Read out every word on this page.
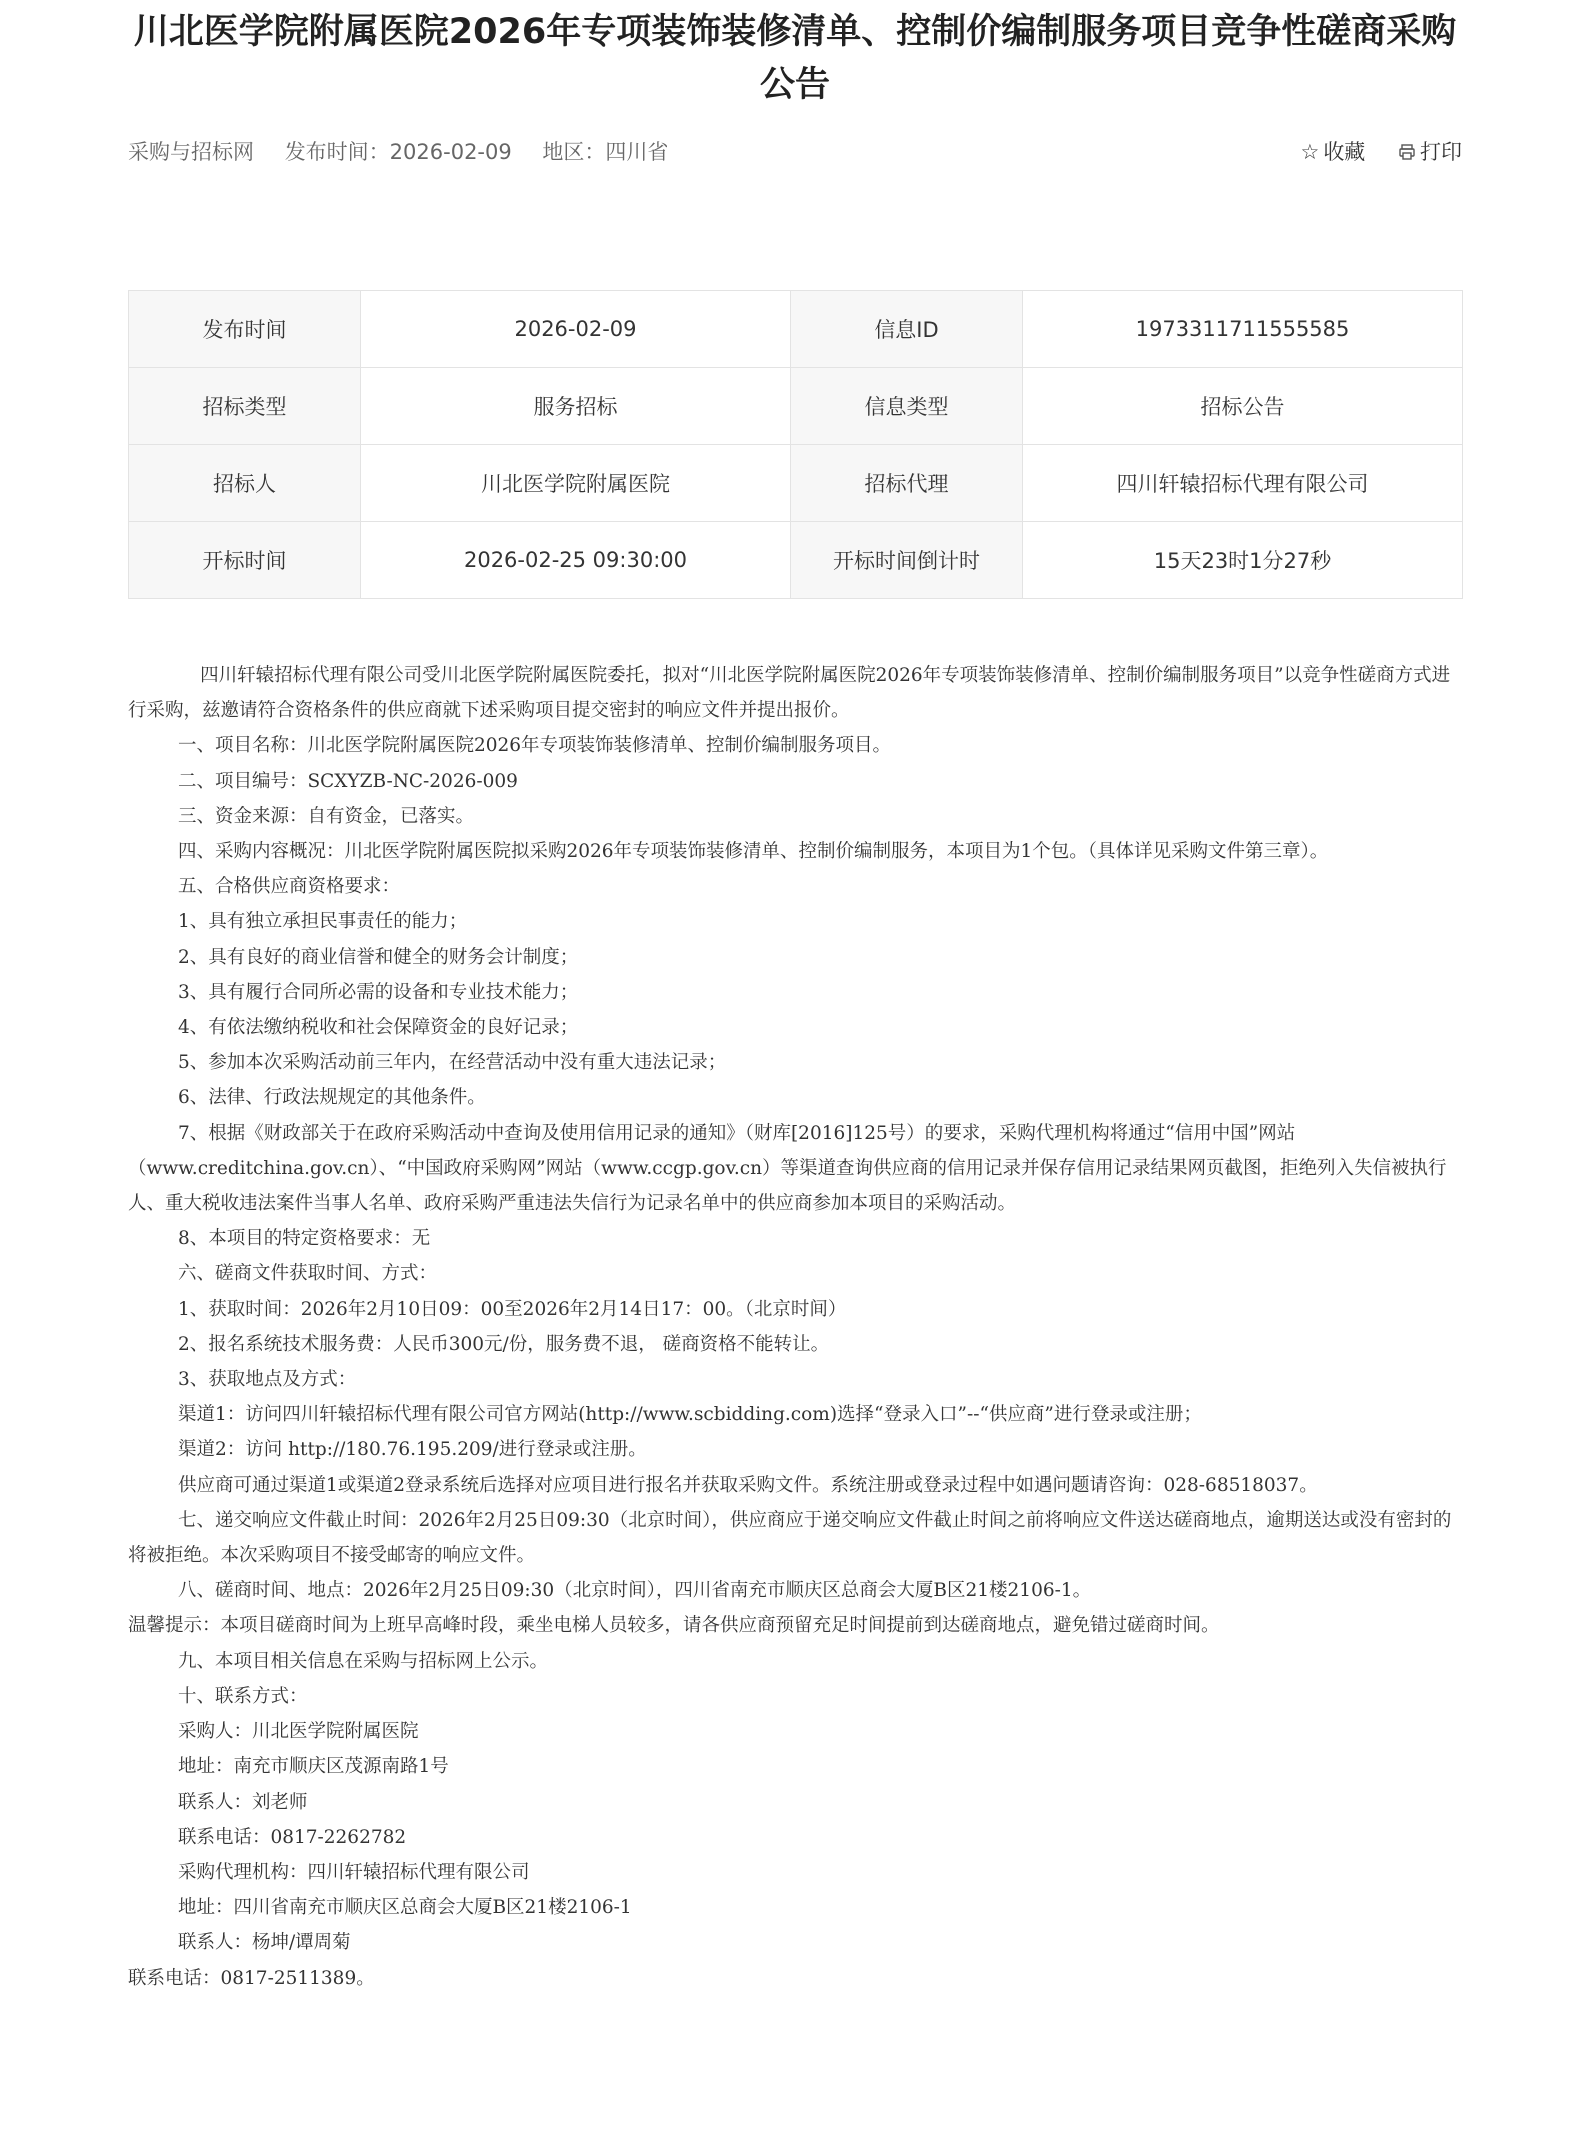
川北医学院附属医院2026年专项装饰装修清单、控制价编制服务项目竞争性磋商采购公告
采购与招标网 发布时间：2026-02-09 地区：四川省	☆ 收藏	打印
发布时间	2026-02-09	信息ID	1973311711555585
招标类型	服务招标	信息类型	招标公告
招标人	川北医学院附属医院	招标代理	四川轩辕招标代理有限公司
开标时间	2026-02-25 09:30:00	开标时间倒计时	15天23时1分27秒

四川轩辕招标代理有限公司受川北医学院附属医院委托，拟对“川北医学院附属医院2026年专项装饰装修清单、控制价编制服务项目”以竞争性磋商方式进行采购，兹邀请符合资格条件的供应商就下述采购项目提交密封的响应文件并提出报价。

一、项目名称：川北医学院附属医院2026年专项装饰装修清单、控制价编制服务项目。

二、项目编号：SCXYZB-NC-2026-009

三、资金来源：自有资金，已落实。

四、采购内容概况：川北医学院附属医院拟采购2026年专项装饰装修清单、控制价编制服务，本项目为1个包。（具体详见采购文件第三章）。

五、合格供应商资格要求：

1、具有独立承担民事责任的能力；

2、具有良好的商业信誉和健全的财务会计制度；

3、具有履行合同所必需的设备和专业技术能力；

4、有依法缴纳税收和社会保障资金的良好记录；

5、参加本次采购活动前三年内，在经营活动中没有重大违法记录；

6、法律、行政法规规定的其他条件。

7、根据《财政部关于在政府采购活动中查询及使用信用记录的通知》（财库[2016]125号）的要求，采购代理机构将通过“信用中国”网站（www.creditchina.gov.cn）、“中国政府采购网”网站（www.ccgp.gov.cn）等渠道查询供应商的信用记录并保存信用记录结果网页截图，拒绝列入失信被执行人、重大税收违法案件当事人名单、政府采购严重违法失信行为记录名单中的供应商参加本项目的采购活动。

8、本项目的特定资格要求：无

六、磋商文件获取时间、方式：

1、获取时间：2026年2月10日09：00至2026年2月14日17：00。（北京时间）

2、报名系统技术服务费：人民币300元/份，服务费不退， 磋商资格不能转让。

3、获取地点及方式：

渠道1：访问四川轩辕招标代理有限公司官方网站(http://www.scbidding.com)选择“登录入口”--“供应商”进行登录或注册；

渠道2：访问 http://180.76.195.209/进行登录或注册。

供应商可通过渠道1或渠道2登录系统后选择对应项目进行报名并获取采购文件。系统注册或登录过程中如遇问题请咨询：028-68518037。

七、递交响应文件截止时间：2026年2月25日09:30（北京时间），供应商应于递交响应文件截止时间之前将响应文件送达磋商地点，逾期送达或没有密封的将被拒绝。本次采购项目不接受邮寄的响应文件。

八、磋商时间、地点：2026年2月25日09:30（北京时间），四川省南充市顺庆区总商会大厦B区21楼2106-1。

温馨提示：本项目磋商时间为上班早高峰时段，乘坐电梯人员较多，请各供应商预留充足时间提前到达磋商地点，避免错过磋商时间。

九、本项目相关信息在采购与招标网上公示。

十、联系方式：

采购人：川北医学院附属医院

地址：南充市顺庆区茂源南路1号

联系人：刘老师

联系电话：0817-2262782

采购代理机构：四川轩辕招标代理有限公司

地址：四川省南充市顺庆区总商会大厦B区21楼2106-1

联系人：杨坤/谭周菊

联系电话：0817-2511389。
